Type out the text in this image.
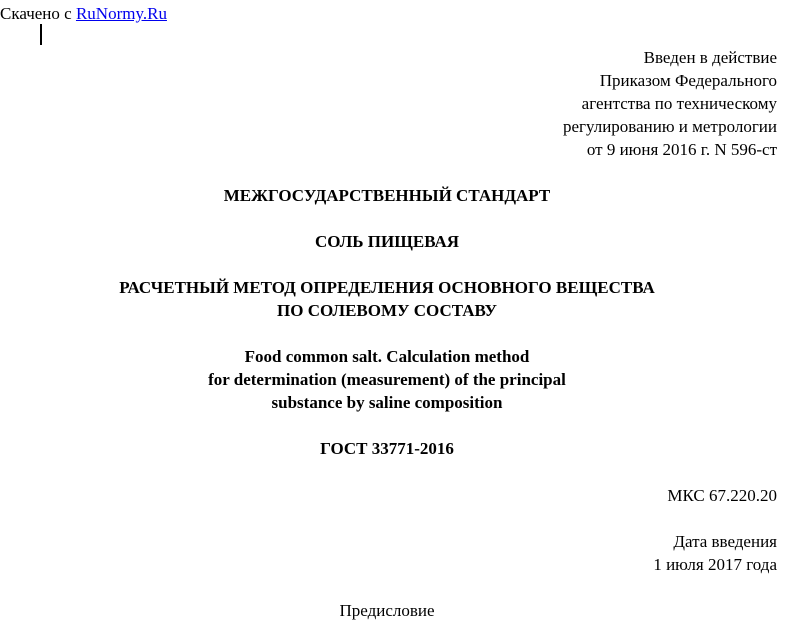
Скачено с RuNormy.Ru
Введен в действие
Приказом Федерального
агентства по техническому
регулированию и метрологии
от 9 июня 2016 г. N 596-ст
МЕЖГОСУДАРСТВЕННЫЙ СТАНДАРТ
СОЛЬ ПИЩЕВАЯ
РАСЧЕТНЫЙ МЕТОД ОПРЕДЕЛЕНИЯ ОСНОВНОГО ВЕЩЕСТВА
ПО СОЛЕВОМУ СОСТАВУ
Food common salt. Calculation method
for determination (measurement) of the principal
substance by saline composition
ГОСТ 33771-2016
МКС 67.220.20
Дата введения
1 июля 2017 года
Предисловие
